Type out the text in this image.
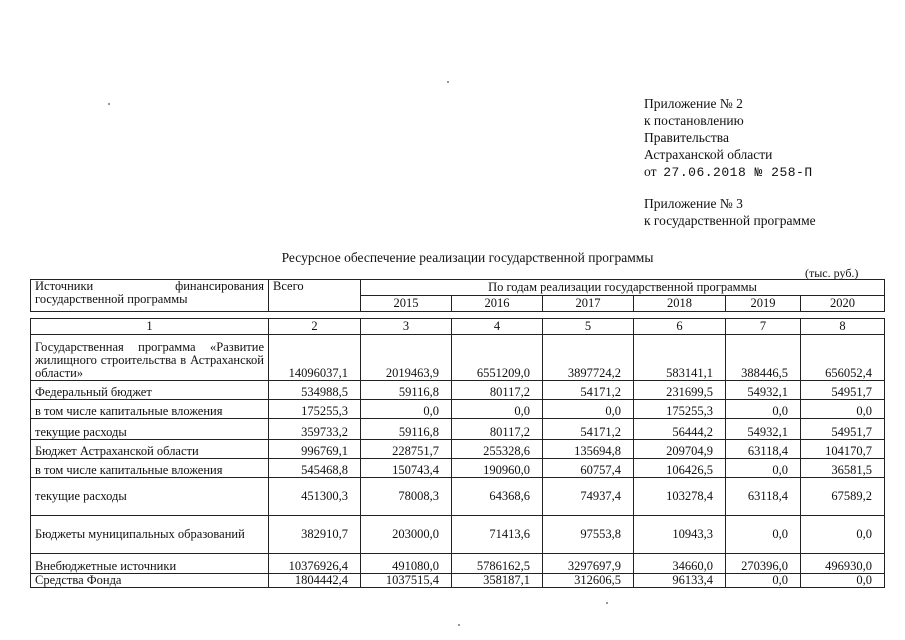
Приложение № 2
к постановлению
Правительства
Астраханской области
от 27.06.2018 № 258-П
Приложение № 3
к государственной программе
Ресурсное обеспечение реализации государственной программы
(тыс. руб.)
Источники финансирования государственной программы	Всего	По годам реализации государственной программы					
		2015	2016	2017	2018	2019	2020

1	2	3	4	5	6	7	8
Государственная программа «Развитие жилищного строительства в Астраханской области»	14096037,1	2019463,9	6551209,0	3897724,2	583141,1	388446,5	656052,4
Федеральный бюджет	534988,5	59116,8	80117,2	54171,2	231699,5	54932,1	54951,7
в том числе капитальные вложения	175255,3	0,0	0,0	0,0	175255,3	0,0	0,0
текущие расходы	359733,2	59116,8	80117,2	54171,2	56444,2	54932,1	54951,7
Бюджет Астраханской области	996769,1	228751,7	255328,6	135694,8	209704,9	63118,4	104170,7
в том числе капитальные вложения	545468,8	150743,4	190960,0	60757,4	106426,5	0,0	36581,5
текущие расходы	451300,3	78008,3	64368,6	74937,4	103278,4	63118,4	67589,2
Бюджеты муниципальных образований	382910,7	203000,0	71413,6	97553,8	10943,3	0,0	0,0
Внебюджетные источники	10376926,4	491080,0	5786162,5	3297697,9	34660,0	270396,0	496930,0
Средства Фонда	1804442,4	1037515,4	358187,1	312606,5	96133,4	0,0	0,0
